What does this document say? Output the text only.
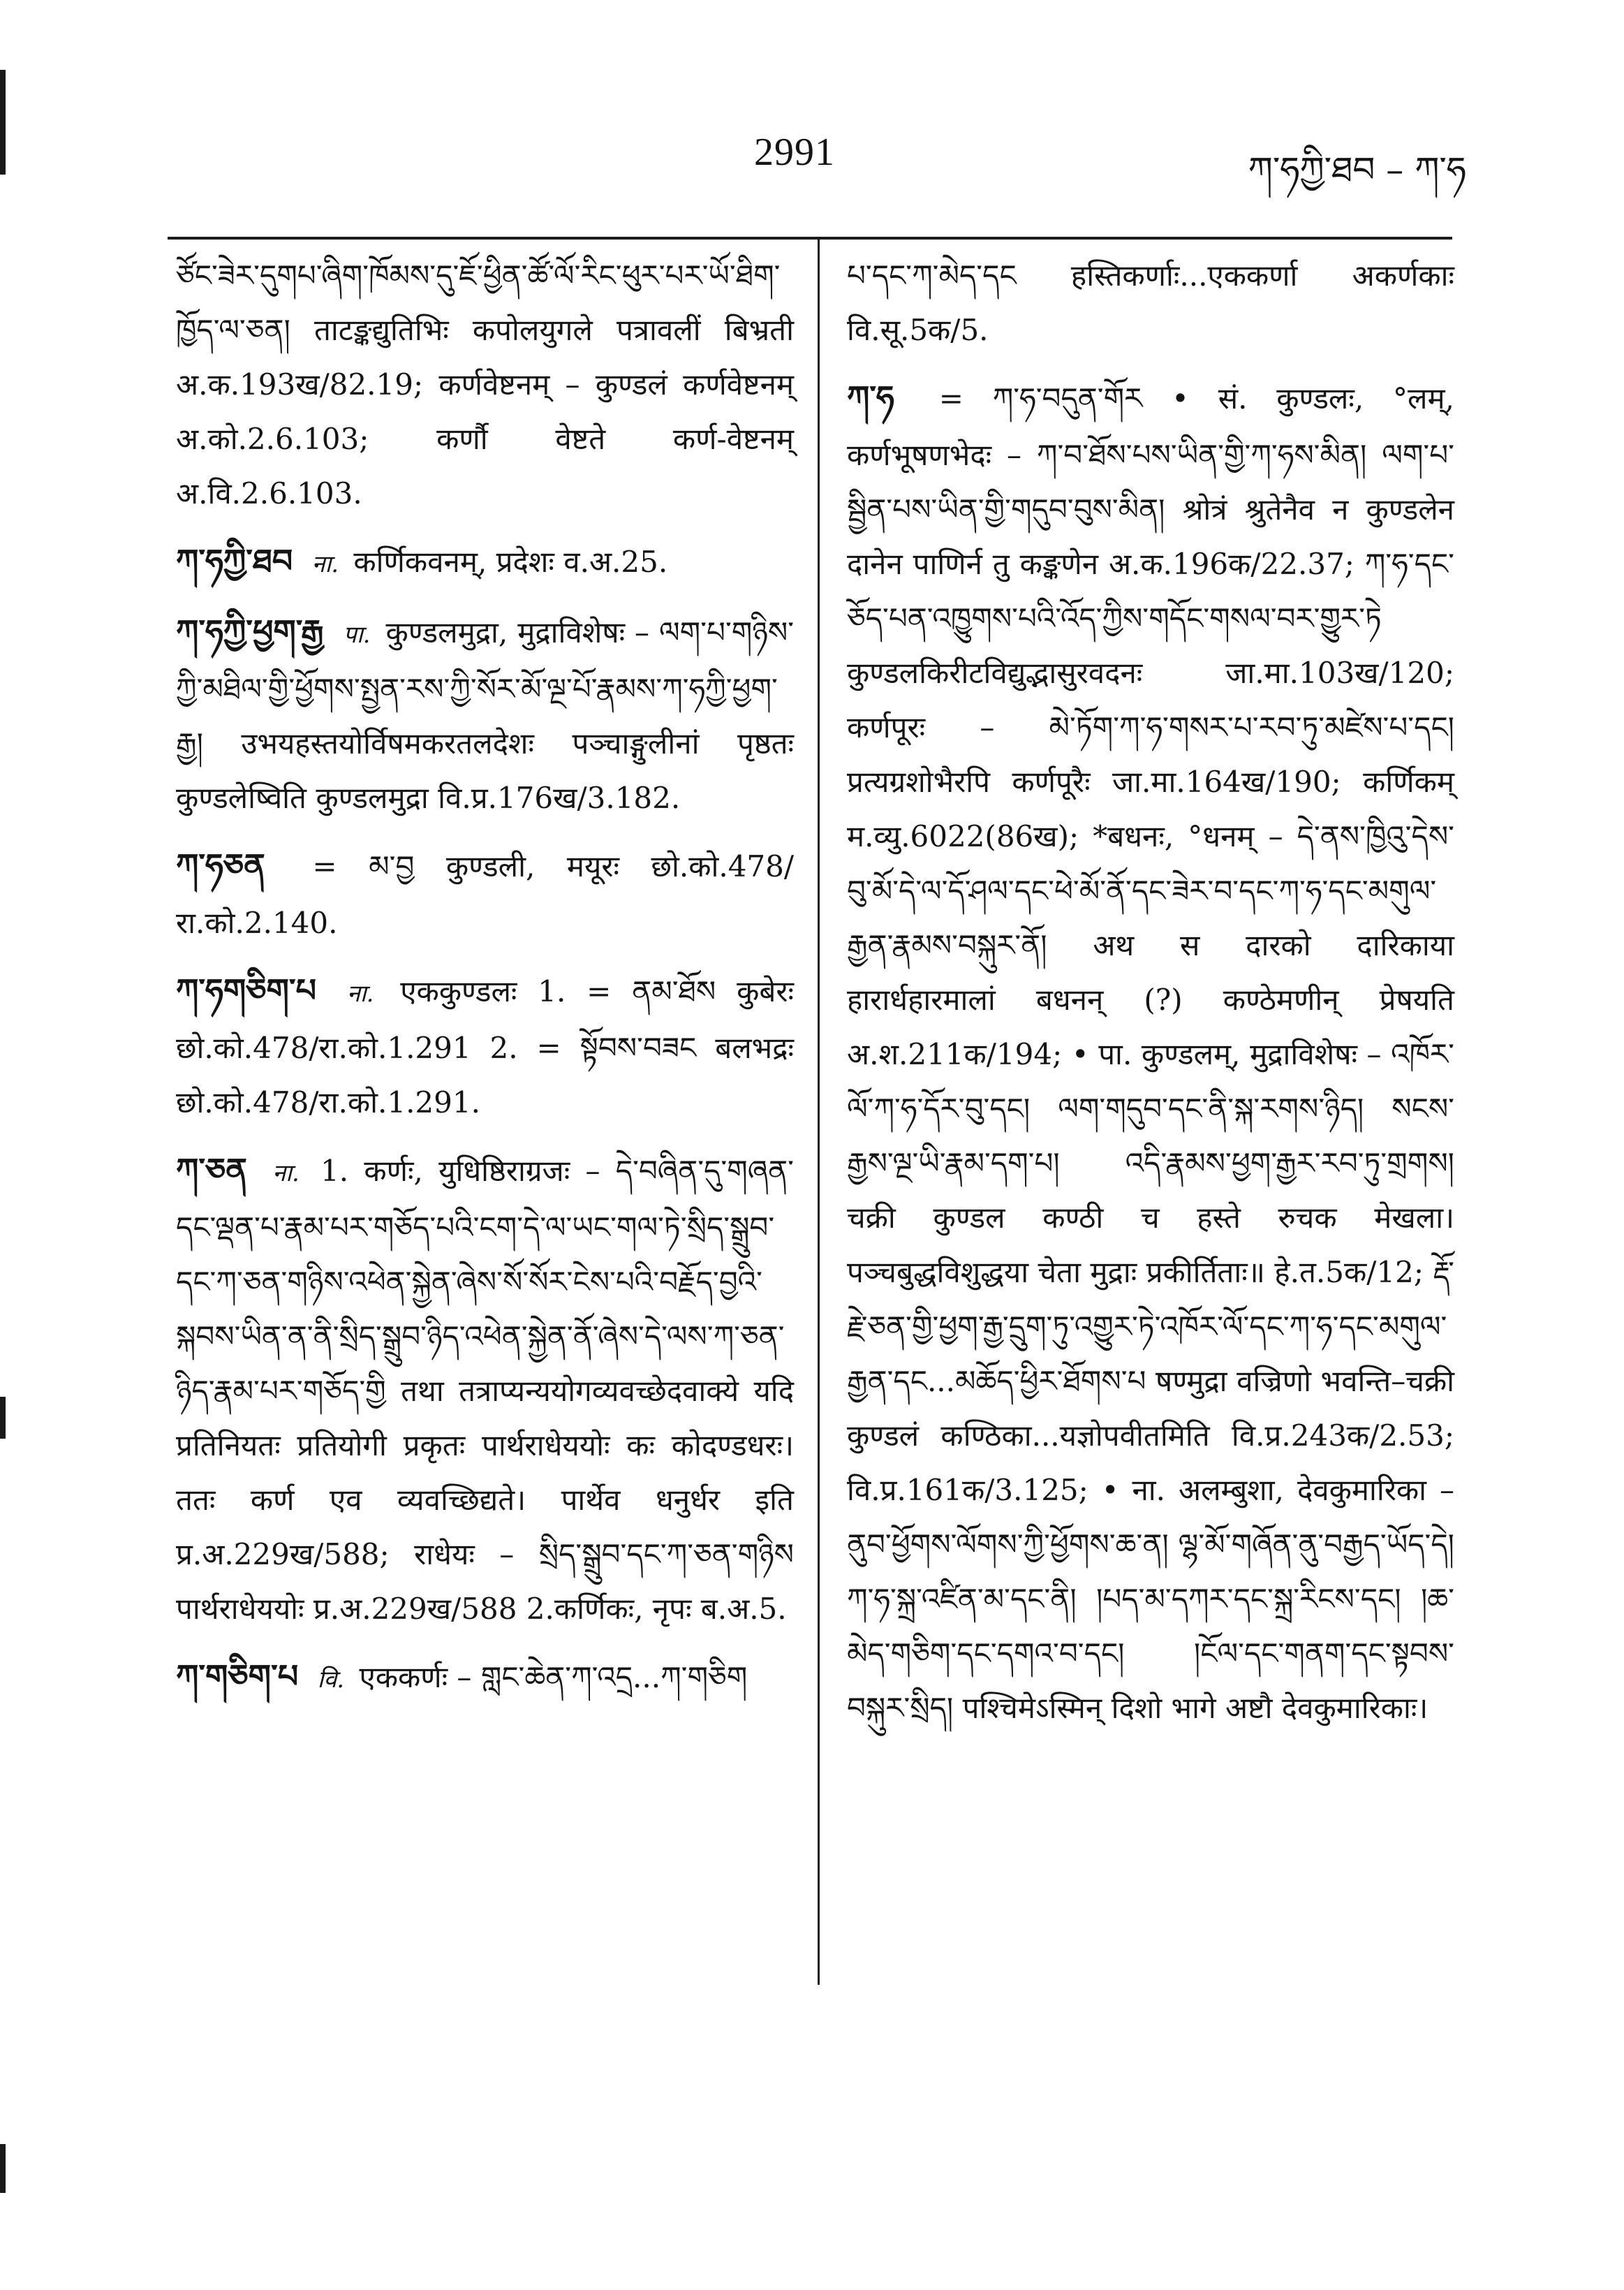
2991	ཀ་ཧཀྱི་ཐབ – ཀ་ཧ
ཙོང་ཟེར་དུགཔ་ཞིག་ཁོམས་དུ་ཇོ་ཕྱིན་ཚོ་ལོ་རིང་ཕུར་པར་ཡོ་ཐིག་ཁྱོད་ལ་ཅན། ताटङ्कद्युतिभिः कपोलयुगले पत्रावलीं बिभ्रती अ.क.193ख/82.19; कर्णवेष्टनम् – कुण्डलं कर्णवेष्टनम् अ.को.2.6.103; कर्णौ वेष्टते कर्ण-वेष्टनम् अ.वि.2.6.103.
ཀ་ཧཀྱི་ཐབ ना. कर्णिकवनम्, प्रदेशः व.अ.25.
ཀ་ཧཀྱི་ཕྱག་རྒྱ पा. कुण्डलमुद्रा, मुद्राविशेषः – ལག་པ་གཉིས་ཀྱི་མཐིལ་གྱི་ཕྱོགས་སྤྱན་རས་ཀྱི་སོར་མོ་ལྔ་པོ་རྣམས་ཀ་ཧཀྱི་ཕྱག་རྒྱ། उभयहस्तयोर्विषमकरतलदेशः पञ्चाङ्गुलीनां पृष्ठतः कुण्डलेष्विति कुण्डलमुद्रा वि.प्र.176ख/3.182.
ཀ་ཧཅན = མ་བྱ कुण्डली, मयूरः छो.को.478/रा.को.2.140.
ཀ་ཧགཅིག་པ ना. एककुण्डलः 1. = ནམ་ཐོས कुबेरः छो.को.478/रा.को.1.291 2. = སྟོབས་བཟང बलभद्रः छो.को.478/रा.को.1.291.
ཀ་ཅན ना. 1. कर्णः, युधिष्ठिराग्रजः – དེ་བཞིན་དུ་གཞན་དང་ལྡན་པ་རྣམ་པར་གཅོད་པའི་ངག་དེ་ལ་ཡང་གལ་ཏེ་སྲིད་སྒྲུབ་དང་ཀ་ཅན་གཉིས་འཕེན་སྐྱེན་ཞེས་སོ་སོར་ངེས་པའི་བརྗོད་བྱའི་སྐབས་ཡིན་ན་ནི་སྲིད་སྒྲུབ་ཉིད་འཕེན་སྐྱེན་ནོ་ཞེས་དེ་ལས་ཀ་ཅན་ཉིད་རྣམ་པར་གཅོད་གྱི तथा तत्राप्यन्ययोगव्यवच्छेदवाक्ये यदि प्रतिनियतः प्रतियोगी प्रकृतः पार्थराधेययोः कः कोदण्डधरः। ततः कर्ण एव व्यवच्छिद्यते। पार्थेव धनुर्धर इति प्र.अ.229ख/588; राधेयः – སྲིད་སྒྲུབ་དང་ཀ་ཅན་གཉིས पार्थराधेययोः प्र.अ.229ख/588 2.कर्णिकः, नृपः ब.अ.5.
ཀ་གཅིག་པ वि. एककर्णः – གླང་ཆེན་ཀ་འདྲ...ཀ་གཅིག
པ་དང་ཀ་མེད་དང हस्तिकर्णाः...एककर्णा अकर्णकाः वि.सू.5क/5.
ཀ་ཧ = ཀ་ཧ་བདུན་གོར • सं. कुण्डलः, °लम्, कर्णभूषणभेदः – ཀ་བ་ཐོས་པས་ཡིན་གྱི་ཀ་ཧས་མིན། ལག་པ་སྦྱིན་པས་ཡིན་གྱི་གདུབ་བུས་མིན། श्रोत्रं श्रुतेनैव न कुण्डलेन दानेन पाणिर्न तु कङ्कणेन अ.क.196क/22.37; ཀ་ཧ་དང་ཅོད་པན་འཁྱུགས་པའི་འོད་ཀྱིས་གདོང་གསལ་བར་གྱུར་ཏེ कुण्डलकिरीटविद्युद्भासुरवदनः जा.मा.103ख/120; कर्णपूरः – མེ་ཏོག་ཀ་ཧ་གསར་པ་རབ་ཏུ་མཛེས་པ་དང། प्रत्यग्रशोभैरपि कर्णपूरैः जा.मा.164ख/190; कर्णिकम् म.व्यु.6022(86ख); *बधनः, °धनम् – དེ་ནས་ཁྱིའུ་དེས་བུ་མོ་དེ་ལ་དོ་ཤལ་དང་ཕེ་མོ་ནོ་དང་ཟེར་བ་དང་ཀ་ཧ་དང་མགུལ་རྒྱན་རྣམས་བསྐུར་ནོ། अथ स दारको दारिकाया हारार्धहारमालां बधनन् (?) कण्ठेमणीन् प्रेषयति अ.श.211क/194; • पा. कुण्डलम्, मुद्राविशेषः – འཁོར་ལོ་ཀ་ཧ་དོར་བུ་དང། ལག་གདུབ་དང་ནི་སྐ་རགས་ཉིད། སངས་རྒྱས་ལྔ་ཡི་རྣམ་དག་པ། འདི་རྣམས་ཕྱག་རྒྱར་རབ་ཏུ་གྲགས། चक्री कुण्डल कण्ठी च हस्ते रुचक मेखला। पञ्चबुद्धविशुद्धया चेता मुद्राः प्रकीर्तिताः॥ हे.त.5क/12; རྡོ་རྗེ་ཅན་གྱི་ཕྱག་རྒྱ་དྲུག་ཏུ་འགྱུར་ཏེ་འཁོར་ལོ་དང་ཀ་ཧ་དང་མགུལ་རྒྱན་དང...མཆོད་ཕྱིར་ཐོགས་པ षण्मुद्रा वज्रिणो भवन्ति–चक्री कुण्डलं कण्ठिका...यज्ञोपवीतमिति वि.प्र.243क/2.53; वि.प्र.161क/3.125; • ना. अलम्बुशा, देवकुमारिका – ནུབ་ཕྱོགས་ལོགས་ཀྱི་ཕྱོགས་ཆ་ན། ལྷ་མོ་གཞོན་ནུ་བརྒྱད་ཡོད་དེ། ཀ་ཧ་སྐྲ་འཛིན་མ་དང་ནི། །པད་མ་དཀར་དང་སྐྲ་རིངས་དང། །ཆ་མེད་གཅིག་དང་དགའ་བ་དང། །ངོལ་དང་གནག་དང་སྟབས་བསྐུར་སྲིད། पश्चिमेऽस्मिन् दिशो भागे अष्टौ देवकुमारिकाः।
